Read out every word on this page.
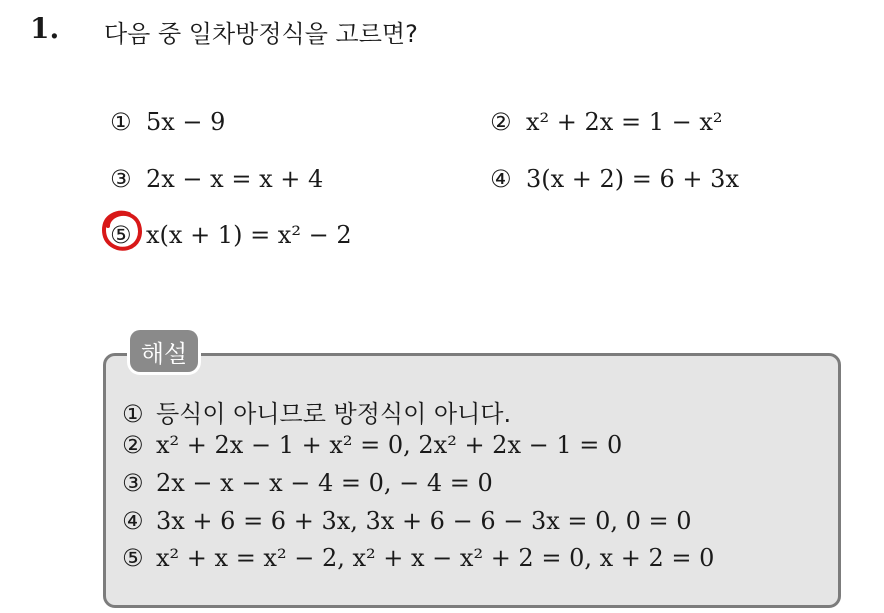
1. 다음 중 일차방정식을 고르면?
① 5x − 9	② x² + 2x = 1 − x²
③ 2x − x = x + 4	④ 3(x + 2) = 6 + 3x
⑤ x(x + 1) = x² − 2
해설
① 등식이 아니므로 방정식이 아니다.
② x² + 2x − 1 + x² = 0, 2x² + 2x − 1 = 0
③ 2x − x − x − 4 = 0, − 4 = 0
④ 3x + 6 = 6 + 3x, 3x + 6 − 6 − 3x = 0, 0 = 0
⑤ x² + x = x² − 2, x² + x − x² + 2 = 0, x + 2 = 0
